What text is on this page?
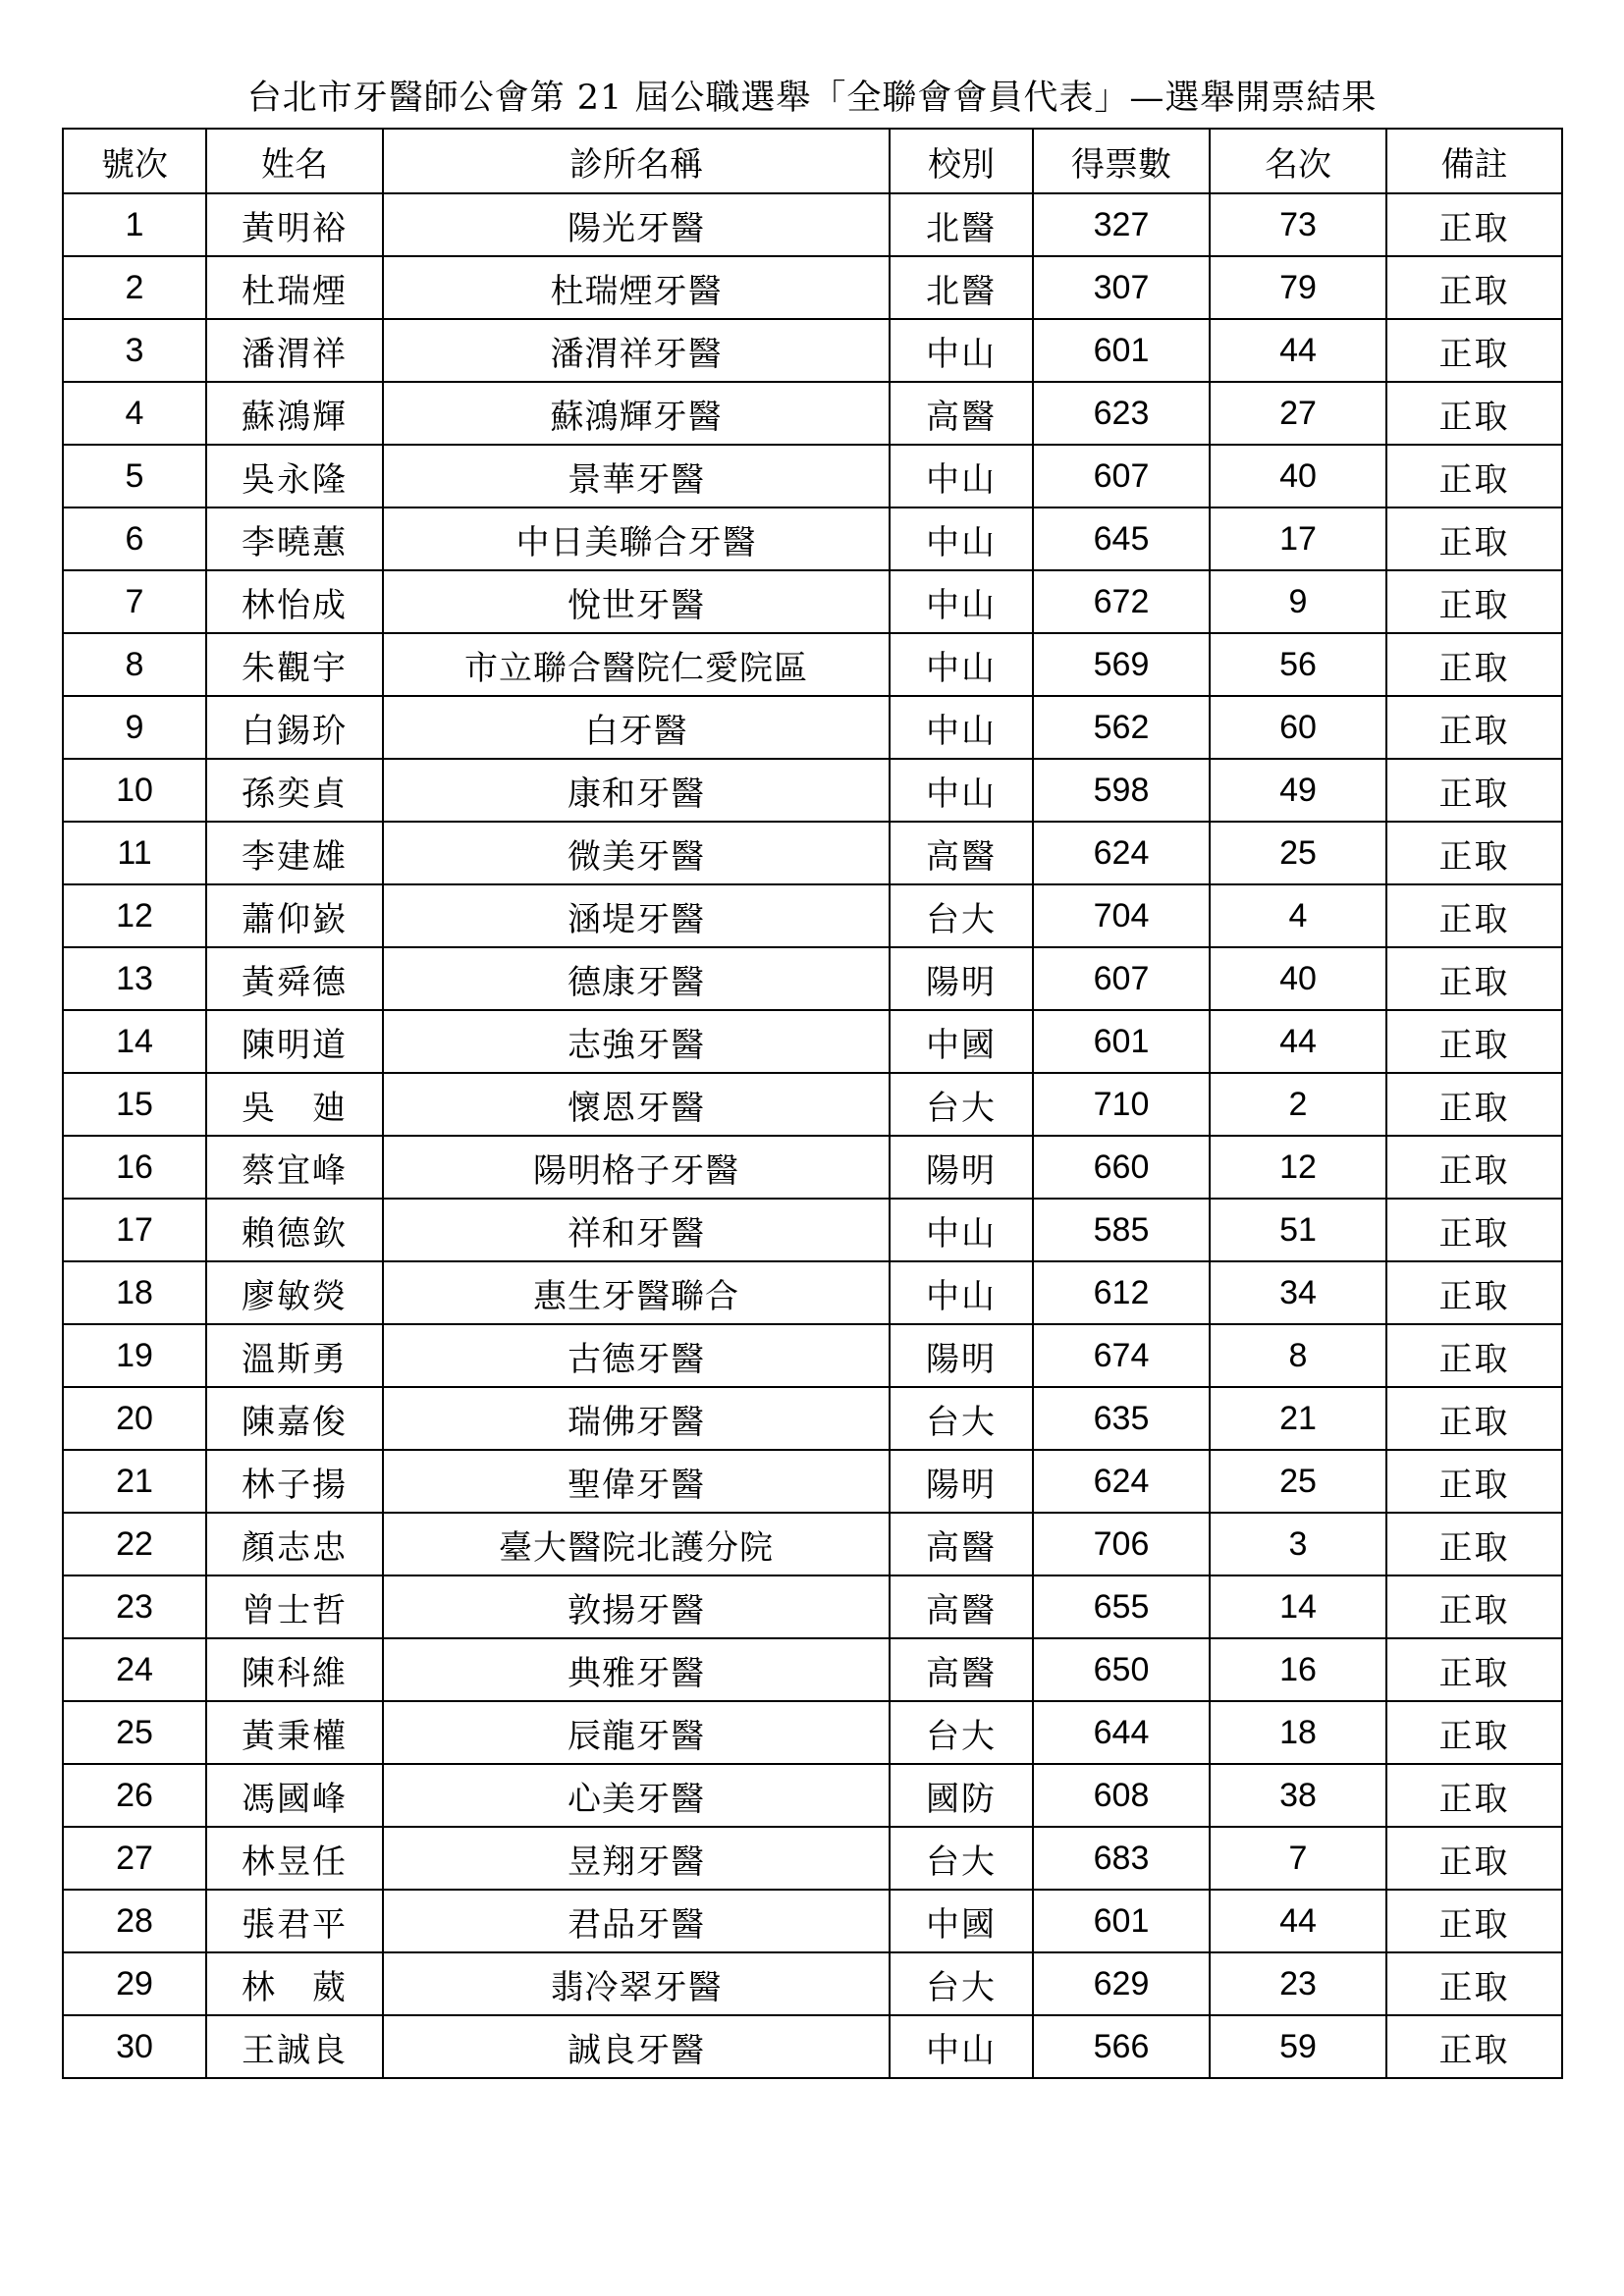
台北市牙醫師公會第 21 屆公職選舉「全聯會會員代表」—選舉開票結果
號次	姓名	診所名稱	校別	得票數	名次	備註
1	黃明裕	陽光牙醫	北醫	327	73	正取
2	杜瑞煙	杜瑞煙牙醫	北醫	307	79	正取
3	潘渭祥	潘渭祥牙醫	中山	601	44	正取
4	蘇鴻輝	蘇鴻輝牙醫	高醫	623	27	正取
5	吳永隆	景華牙醫	中山	607	40	正取
6	李曉蕙	中日美聯合牙醫	中山	645	17	正取
7	林怡成	悅世牙醫	中山	672	9	正取
8	朱觀宇	市立聯合醫院仁愛院區	中山	569	56	正取
9	白錫玠	白牙醫	中山	562	60	正取
10	孫奕貞	康和牙醫	中山	598	49	正取
11	李建雄	微美牙醫	高醫	624	25	正取
12	蕭仰嶔	涵堤牙醫	台大	704	4	正取
13	黃舜德	德康牙醫	陽明	607	40	正取
14	陳明道	志強牙醫	中國	601	44	正取
15	吳　廸	懷恩牙醫	台大	710	2	正取
16	蔡宜峰	陽明格子牙醫	陽明	660	12	正取
17	賴德欽	祥和牙醫	中山	585	51	正取
18	廖敏熒	惠生牙醫聯合	中山	612	34	正取
19	溫斯勇	古德牙醫	陽明	674	8	正取
20	陳嘉俊	瑞佛牙醫	台大	635	21	正取
21	林子揚	聖偉牙醫	陽明	624	25	正取
22	顏志忠	臺大醫院北護分院	高醫	706	3	正取
23	曾士哲	敦揚牙醫	高醫	655	14	正取
24	陳科維	典雅牙醫	高醫	650	16	正取
25	黃秉權	辰龍牙醫	台大	644	18	正取
26	馮國峰	心美牙醫	國防	608	38	正取
27	林昱任	昱翔牙醫	台大	683	7	正取
28	張君平	君品牙醫	中國	601	44	正取
29	林　葳	翡冷翠牙醫	台大	629	23	正取
30	王誠良	誠良牙醫	中山	566	59	正取
